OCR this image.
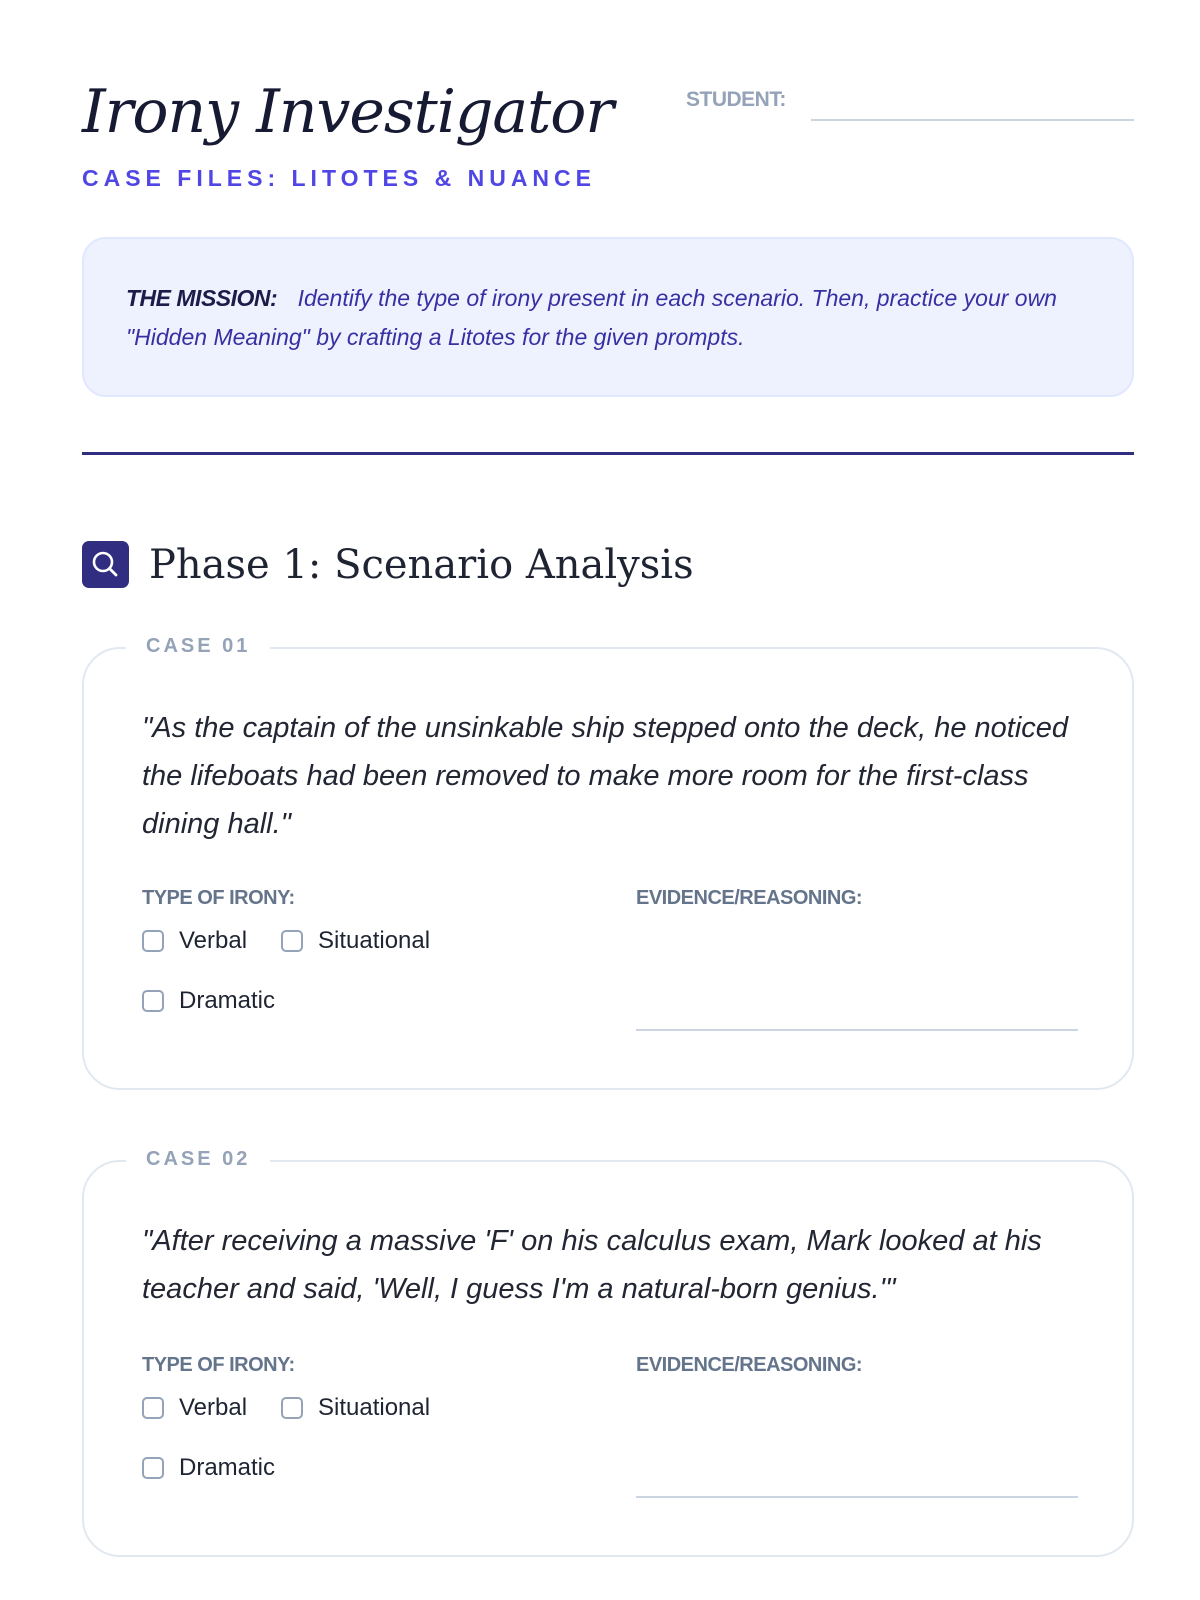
Irony Investigator
CASE FILES: LITOTES & NUANCE
STUDENT:
THE MISSION: Identify the type of irony present in each scenario. Then, practice your own "Hidden Meaning" by crafting a Litotes for the given prompts.
Phase 1: Scenario Analysis
CASE 01

"As the captain of the unsinkable ship stepped onto the deck, he noticed the lifeboats had been removed to make more room for the first-class dining hall."

TYPE OF IRONY:	EVIDENCE/REASONING:
Verbal	Situational
Dramatic
CASE 02

"After receiving a massive 'F' on his calculus exam, Mark looked at his teacher and said, 'Well, I guess I'm a natural-born genius.'"

EVIDENCE/REASONING:
TYPE OF IRONY:
Verbal	Situational
Dramatic
